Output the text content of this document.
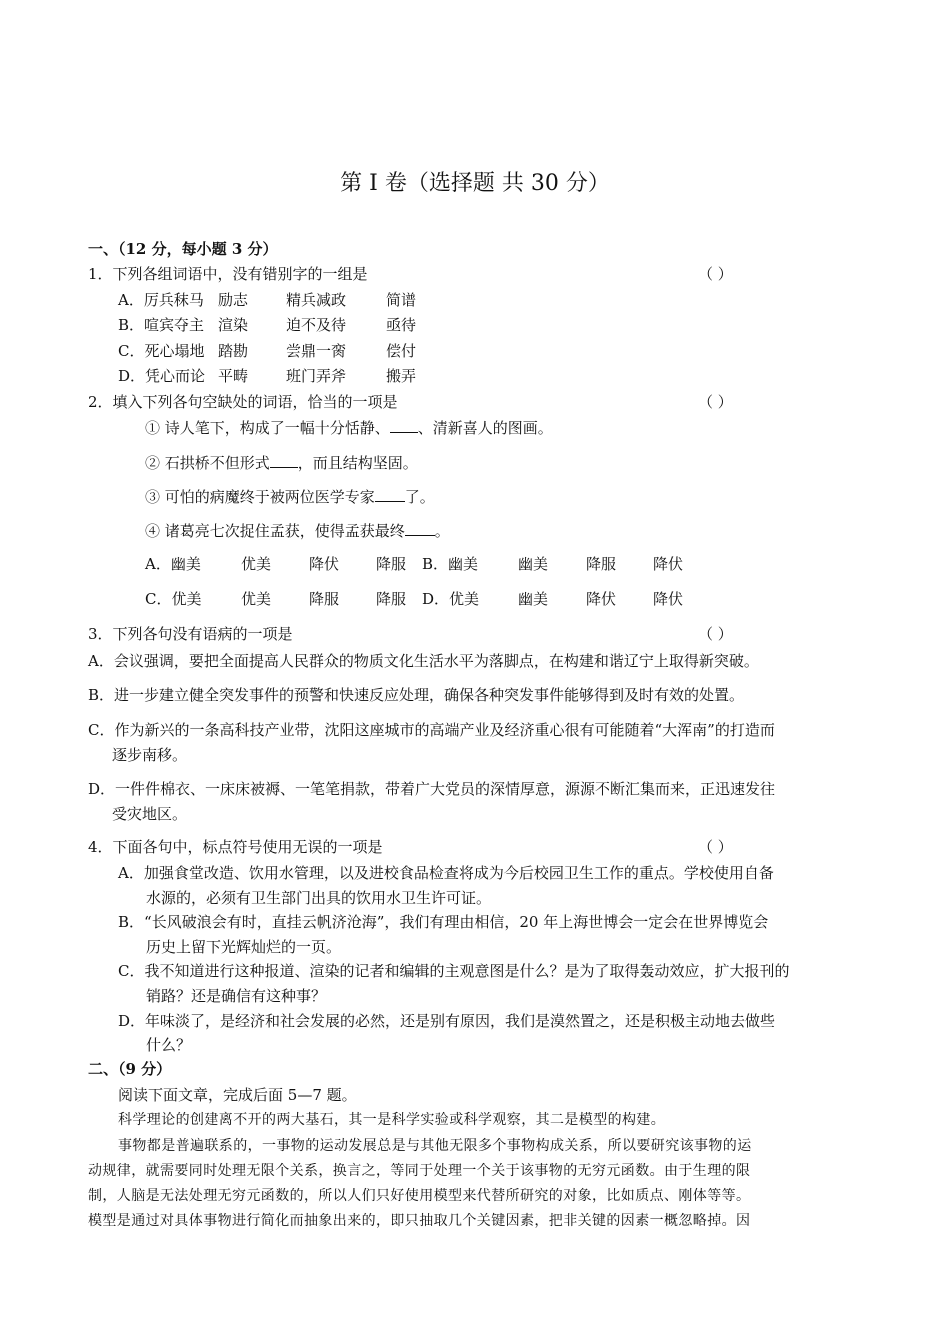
第 I 卷（选择题 共 30 分）
一、（12 分，每小题 3 分）
1．下列各组词语中，没有错别字的一组是	（ ）
A．厉兵秣马 励志	精兵减政	简谱
B．喧宾夺主 渲染	迫不及待	亟待
C．死心塌地 踏勘	尝鼎一脔	偿付
D．凭心而论 平畴	班门弄斧	搬弄
2．填入下列各句空缺处的词语，恰当的一项是	（ ）
① 诗人笔下，构成了一幅十分恬静、 、清新喜人的图画。
② 石拱桥不但形式 ，而且结构坚固。
③ 可怕的病魔终于被两位医学专家 了。
④ 诸葛亮七次捉住孟获，使得孟获最终 。
A．幽美	优美	降伏 降服 B．幽美	幽美	降服 降伏
C．优美	优美	降服 降服 D．优美	幽美	降伏 降伏
3．下列各句没有语病的一项是	（ ）
A．会议强调，要把全面提高人民群众的物质文化生活水平为落脚点，在构建和谐辽宁上取得新突破。
B．进一步建立健全突发事件的预警和快速反应处理，确保各种突发事件能够得到及时有效的处置。
C．作为新兴的一条高科技产业带，沈阳这座城市的高端产业及经济重心很有可能随着“大浑南”的打造而
逐步南移。
D．一件件棉衣、一床床被褥、一笔笔捐款，带着广大党员的深情厚意，源源不断汇集而来，正迅速发往
受灾地区。
4．下面各句中，标点符号使用无误的一项是	（ ）
A．加强食堂改造、饮用水管理，以及进校食品检查将成为今后校园卫生工作的重点。学校使用自备
水源的，必须有卫生部门出具的饮用水卫生许可证。
B．“长风破浪会有时，直挂云帆济沧海”，我们有理由相信，20 年上海世博会一定会在世界博览会
历史上留下光辉灿烂的一页。
C．我不知道进行这种报道、渲染的记者和编辑的主观意图是什么？是为了取得轰动效应，扩大报刊的
销路？还是确信有这种事？
D．年味淡了，是经济和社会发展的必然，还是别有原因，我们是漠然置之，还是积极主动地去做些
什么？
二、（9 分）
阅读下面文章，完成后面 5—7 题。
科学理论的创建离不开的两大基石，其一是科学实验或科学观察，其二是模型的构建。
事物都是普遍联系的，一事物的运动发展总是与其他无限多个事物构成关系，所以要研究该事物的运
动规律，就需要同时处理无限个关系，换言之，等同于处理一个关于该事物的无穷元函数。由于生理的限
制，人脑是无法处理无穷元函数的，所以人们只好使用模型来代替所研究的对象，比如质点、刚体等等。
模型是通过对具体事物进行简化而抽象出来的，即只抽取几个关键因素，把非关键的因素一概忽略掉。因
